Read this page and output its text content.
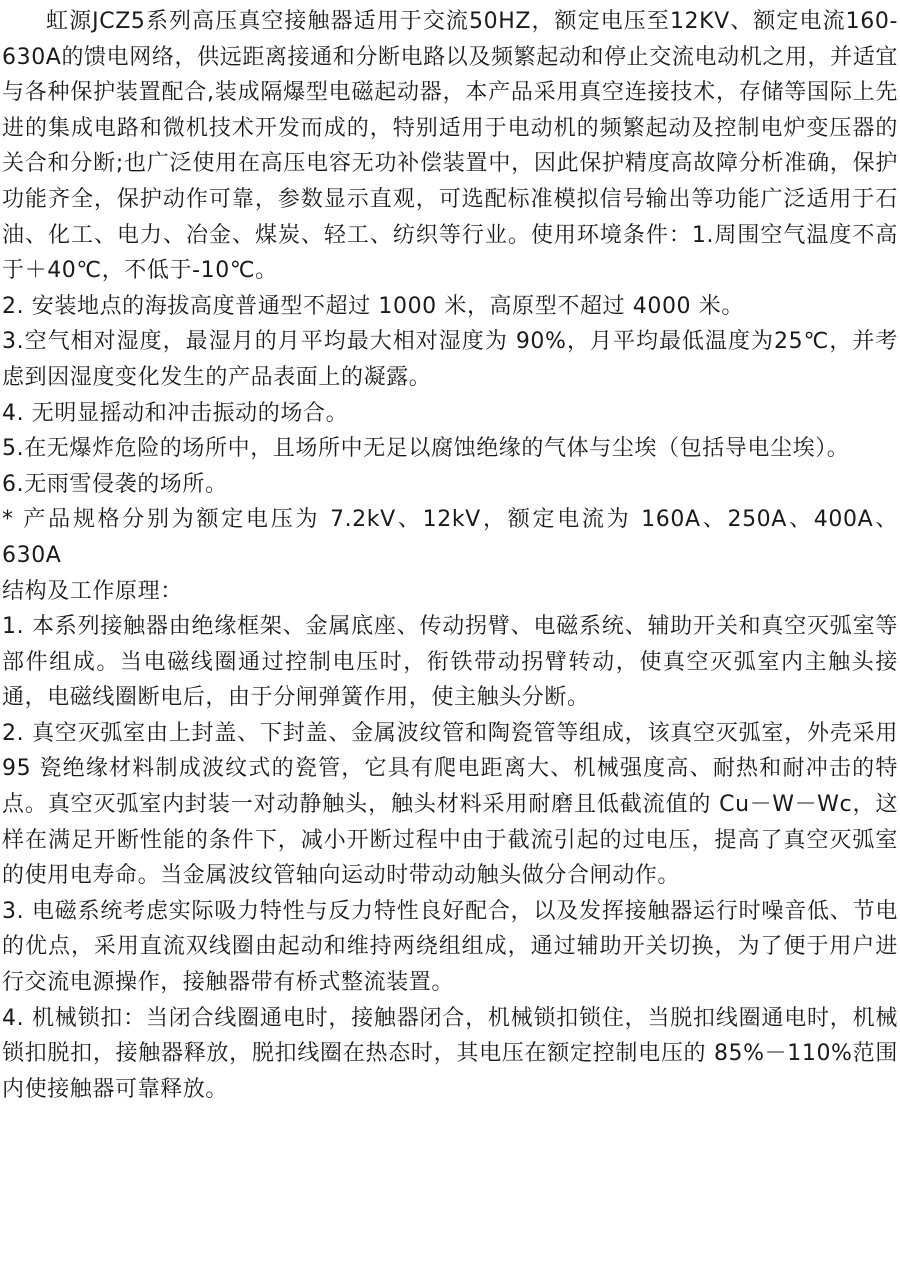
虹源JCZ5系列高压真空接触器适用于交流50HZ，额定电压至12KV、额定电流160-630A的馈电网络，供远距离接通和分断电路以及频繁起动和停止交流电动机之用，并适宜与各种保护装置配合,装成隔爆型电磁起动器，本产品采用真空连接技术，存储等国际上先进的集成电路和微机技术开发而成的，特别适用于电动机的频繁起动及控制电炉变压器的关合和分断;也广泛使用在高压电容无功补偿装置中，因此保护精度高故障分析准确，保护功能齐全，保护动作可靠，参数显示直观，可选配标准模拟信号输出等功能广泛适用于石油、化工、电力、冶金、煤炭、轻工、纺织等行业。使用环境条件：1.周围空气温度不高于＋40℃，不低于-10℃。

2. 安装地点的海拔高度普通型不超过 1000 米，高原型不超过 4000 米。

3.空气相对湿度，最湿月的月平均最大相对湿度为 90%，月平均最低温度为25℃，并考虑到因湿度变化发生的产品表面上的凝露。

4. 无明显摇动和冲击振动的场合。

5.在无爆炸危险的场所中，且场所中无足以腐蚀绝缘的气体与尘埃（包括导电尘埃）。

6.无雨雪侵袭的场所。

* 产品规格分别为额定电压为 7.2kV、12kV，额定电流为 160A、250A、400A、 630A

结构及工作原理：

1. 本系列接触器由绝缘框架、金属底座、传动拐臂、电磁系统、辅助开关和真空灭弧室等部件组成。当电磁线圈通过控制电压时，衔铁带动拐臂转动，使真空灭弧室内主触头接通，电磁线圈断电后，由于分闸弹簧作用，使主触头分断。

2. 真空灭弧室由上封盖、下封盖、金属波纹管和陶瓷管等组成，该真空灭弧室，外壳采用 95 瓷绝缘材料制成波纹式的瓷管，它具有爬电距离大、机械强度高、耐热和耐冲击的特点。真空灭弧室内封装一对动静触头，触头材料采用耐磨且低截流值的 Cu－W－Wc，这样在满足开断性能的条件下，减小开断过程中由于截流引起的过电压，提高了真空灭弧室的使用电寿命。当金属波纹管轴向运动时带动动触头做分合闸动作。

3. 电磁系统考虑实际吸力特性与反力特性良好配合，以及发挥接触器运行时噪音低、节电的优点，采用直流双线圈由起动和维持两绕组组成，通过辅助开关切换，为了便于用户进行交流电源操作，接触器带有桥式整流装置。

4. 机械锁扣：当闭合线圈通电时，接触器闭合，机械锁扣锁住，当脱扣线圈通电时，机械锁扣脱扣，接触器释放，脱扣线圈在热态时，其电压在额定控制电压的 85%－110%范围内使接触器可靠释放。
